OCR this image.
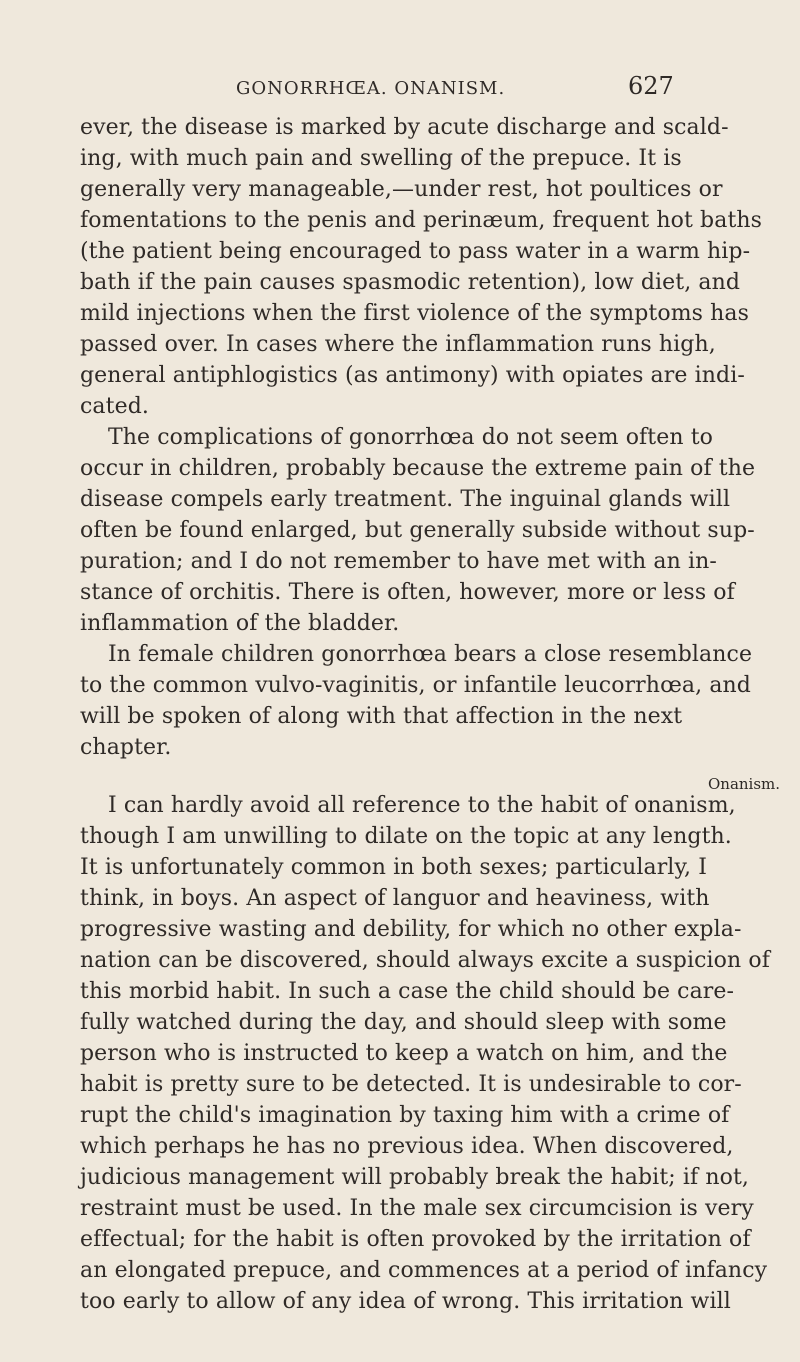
GONORRHŒA. ONANISM.	627
ever, the disease is marked by acute discharge and scald-
ing, with much pain and swelling of the prepuce. It is
generally very manageable,—under rest, hot poultices or
fomentations to the penis and perinæum, frequent hot baths
(the patient being encouraged to pass water in a warm hip-
bath if the pain causes spasmodic retention), low diet, and
mild injections when the first violence of the symptoms has
passed over. In cases where the inflammation runs high,
general antiphlogistics (as antimony) with opiates are indi-
cated.
The complications of gonorrhœa do not seem often to
occur in children, probably because the extreme pain of the
disease compels early treatment. The inguinal glands will
often be found enlarged, but generally subside without sup-
puration; and I do not remember to have met with an in-
stance of orchitis. There is often, however, more or less of
inflammation of the bladder.
In female children gonorrhœa bears a close resemblance
to the common vulvo-vaginitis, or infantile leucorrhœa, and
will be spoken of along with that affection in the next
chapter.
I can hardly avoid all reference to the habit of onanism,
though I am unwilling to dilate on the topic at any length.
It is unfortunately common in both sexes; particularly, I
think, in boys. An aspect of languor and heaviness, with
progressive wasting and debility, for which no other expla-
nation can be discovered, should always excite a suspicion of
this morbid habit. In such a case the child should be care-
fully watched during the day, and should sleep with some
person who is instructed to keep a watch on him, and the
habit is pretty sure to be detected. It is undesirable to cor-
rupt the child's imagination by taxing him with a crime of
which perhaps he has no previous idea. When discovered,
judicious management will probably break the habit; if not,
restraint must be used. In the male sex circumcision is very
effectual; for the habit is often provoked by the irritation of
an elongated prepuce, and commences at a period of infancy
too early to allow of any idea of wrong. This irritation will
Onanism.
